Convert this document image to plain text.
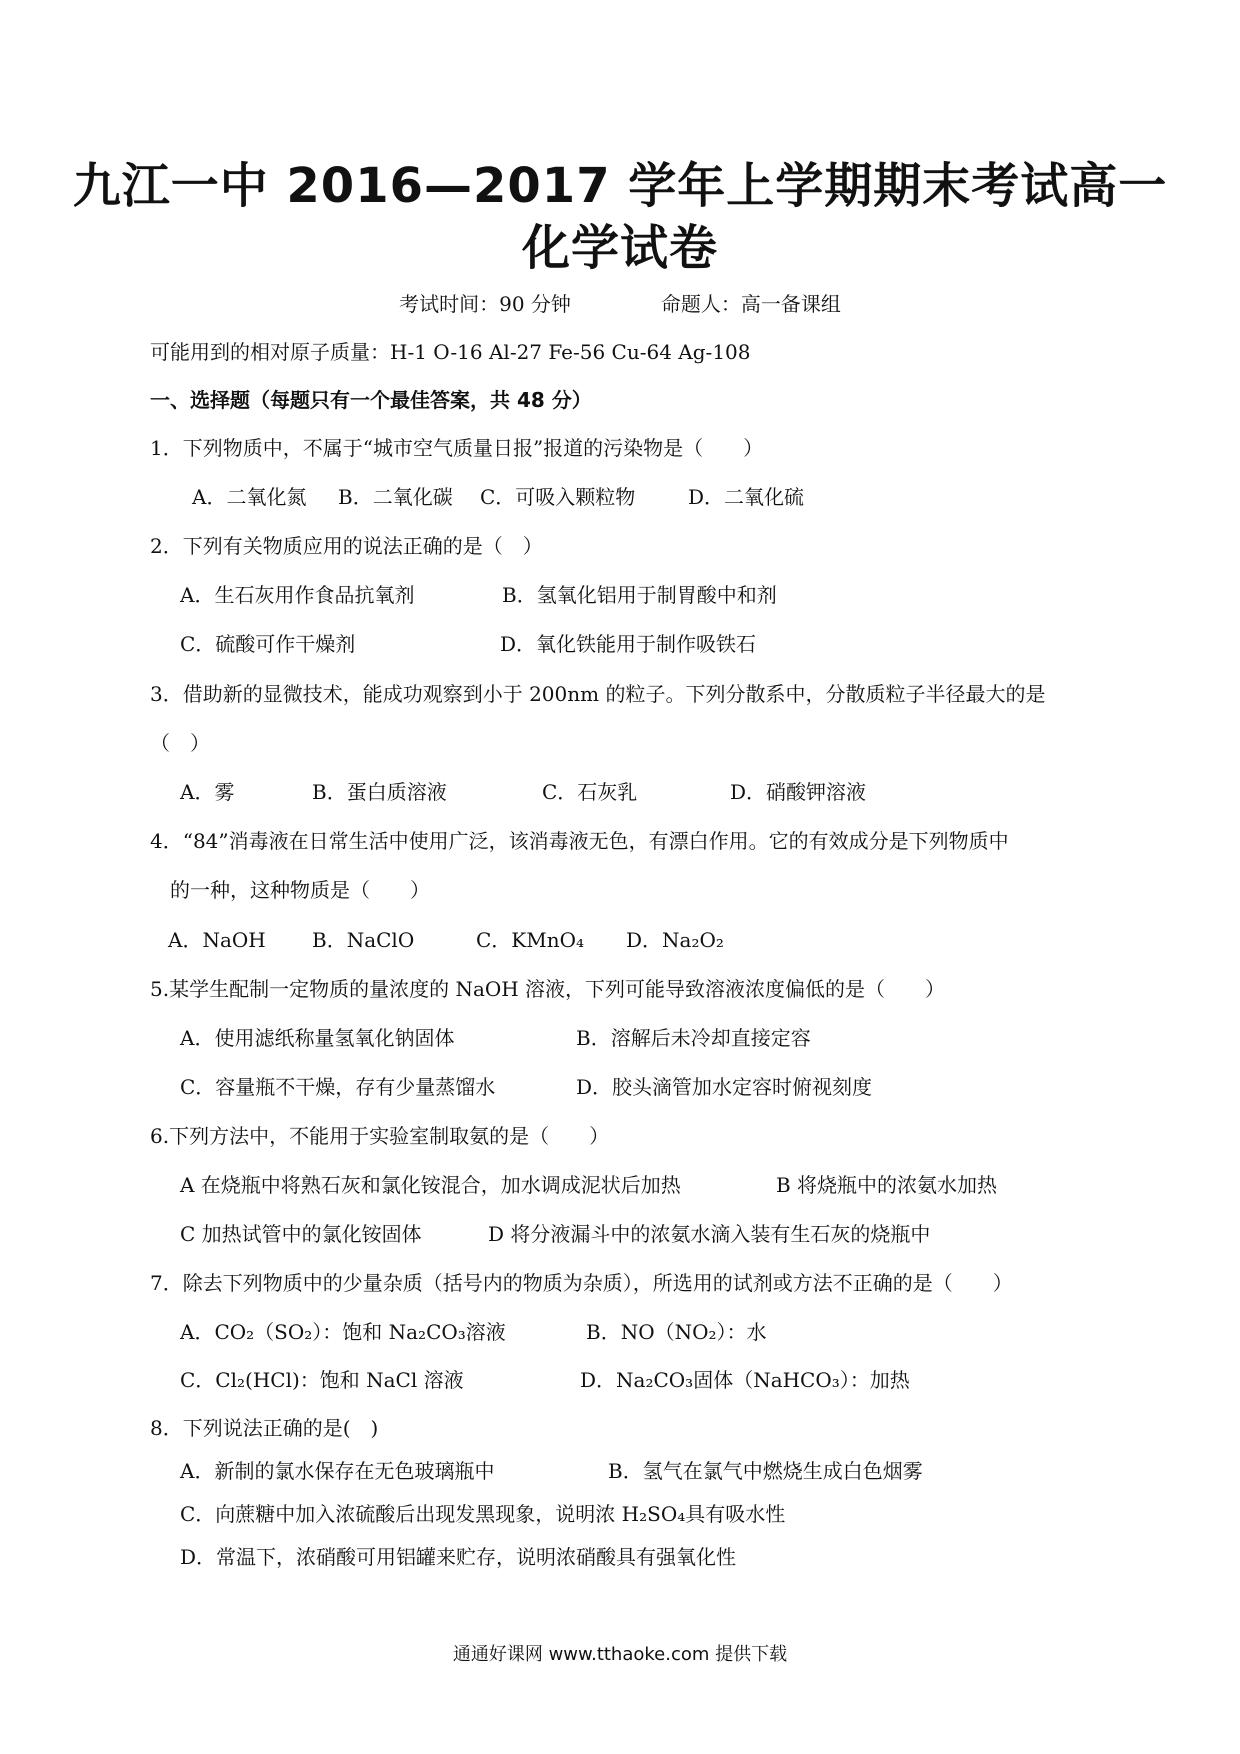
九江一中 2016—2017 学年上学期期末考试高一
化学试卷
考试时间：90 分钟	命题人：高一备课组
可能用到的相对原子质量：H-1 O-16 Al-27 Fe-56 Cu-64 Ag-108
一、选择题（每题只有一个最佳答案，共 48 分）
1．下列物质中，不属于“城市空气质量日报”报道的污染物是（　　）
A．二氧化氮 B．二氧化碳 C．可吸入颗粒物	D．二氧化硫
2．下列有关物质应用的说法正确的是（　）
A．生石灰用作食品抗氧剂	B．氢氧化铝用于制胃酸中和剂
C．硫酸可作干燥剂	D．氧化铁能用于制作吸铁石
3．借助新的显微技术，能成功观察到小于 200nm 的粒子。下列分散系中，分散质粒子半径最大的是
（　）
A．雾	B．蛋白质溶液	C．石灰乳	D．硝酸钾溶液
4．“84”消毒液在日常生活中使用广泛，该消毒液无色，有漂白作用。它的有效成分是下列物质中
的一种，这种物质是（　　）
A．NaOH B．NaClO	C．KMnO₄ D．Na₂O₂
5.某学生配制一定物质的量浓度的 NaOH 溶液，下列可能导致溶液浓度偏低的是（　　）
A．使用滤纸称量氢氧化钠固体	B．溶解后未冷却直接定容
C．容量瓶不干燥，存有少量蒸馏水	D．胶头滴管加水定容时俯视刻度
6.下列方法中，不能用于实验室制取氨的是（　　）
A 在烧瓶中将熟石灰和氯化铵混合，加水调成泥状后加热	B 将烧瓶中的浓氨水加热
C 加热试管中的氯化铵固体	D 将分液漏斗中的浓氨水滴入装有生石灰的烧瓶中
7．除去下列物质中的少量杂质（括号内的物质为杂质），所选用的试剂或方法不正确的是（　　）
A．CO₂（SO₂）：饱和 Na₂CO₃溶液	B．NO（NO₂）：水
C．Cl₂(HCl)：饱和 NaCl 溶液	D．Na₂CO₃固体（NaHCO₃）：加热
8．下列说法正确的是(　)
A．新制的氯水保存在无色玻璃瓶中	B．氢气在氯气中燃烧生成白色烟雾
C．向蔗糖中加入浓硫酸后出现发黑现象，说明浓 H₂SO₄具有吸水性
D．常温下，浓硝酸可用铝罐来贮存，说明浓硝酸具有强氧化性
通通好课网 www.tthaoke.com 提供下载
